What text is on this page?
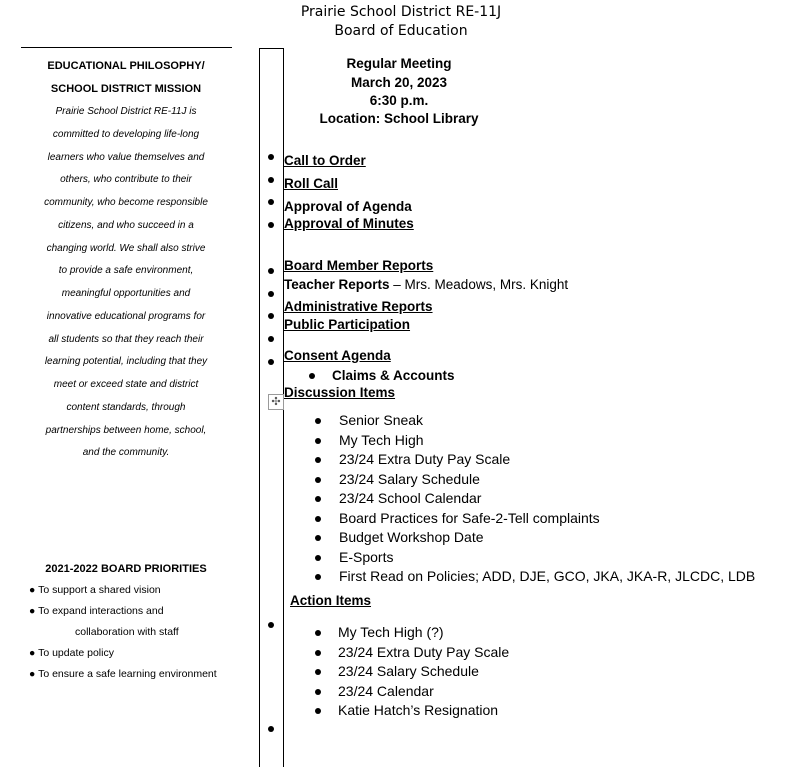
Prairie School District RE-11J
Board of Education
EDUCATIONAL PHILOSOPHY/
SCHOOL DISTRICT MISSION
Prairie School District RE-11J is
committed to developing life-long
learners who value themselves and
others, who contribute to their
community, who become responsible
citizens, and who succeed in a
changing world. We shall also strive
to provide a safe environment,
meaningful opportunities and
innovative educational programs for
all students so that they reach their
learning potential, including that they
meet or exceed state and district
content standards, through
partnerships between home, school,
and the community.
2021-2022 BOARD PRIORITIES
● To support a shared vision
● To expand interactions and
collaboration with staff
● To update policy
● To ensure a safe learning environment
Regular Meeting
March 20, 2023
6:30 p.m.
Location: School Library
✣
Call to Order
Roll Call
Approval of Agenda
Approval of Minutes
Board Member Reports
Teacher Reports – Mrs. Meadows, Mrs. Knight
Administrative Reports
Public Participation
Consent Agenda
Claims & Accounts
Discussion Items
Senior Sneak
My Tech High
23/24 Extra Duty Pay Scale
23/24 Salary Schedule
23/24 School Calendar
Board Practices for Safe-2-Tell complaints
Budget Workshop Date
E-Sports
First Read on Policies; ADD, DJE, GCO, JKA, JKA-R, JLCDC, LDB
Action Items
My Tech High (?)
23/24 Extra Duty Pay Scale
23/24 Salary Schedule
23/24 Calendar
Katie Hatch’s Resignation
